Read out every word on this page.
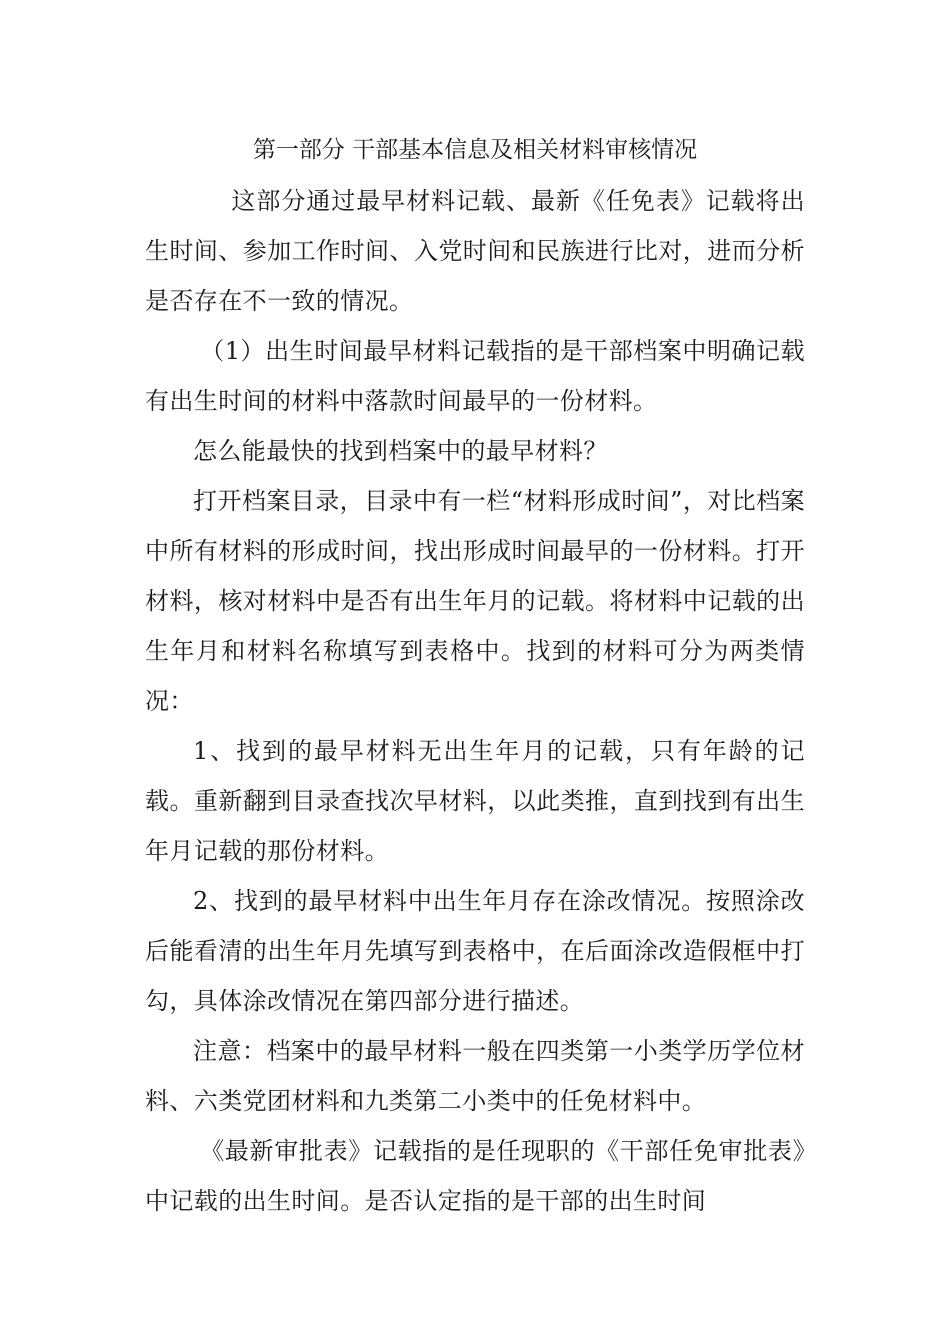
第一部分 干部基本信息及相关材料审核情况

这部分通过最早材料记载、最新《任免表》记载将出生时间、参加工作时间、入党时间和民族进行比对，进而分析是否存在不一致的情况。

（1）出生时间最早材料记载指的是干部档案中明确记载有出生时间的材料中落款时间最早的一份材料。

怎么能最快的找到档案中的最早材料？

打开档案目录，目录中有一栏“材料形成时间”，对比档案中所有材料的形成时间，找出形成时间最早的一份材料。打开材料，核对材料中是否有出生年月的记载。将材料中记载的出生年月和材料名称填写到表格中。找到的材料可分为两类情况：

1、找到的最早材料无出生年月的记载，只有年龄的记载。重新翻到目录查找次早材料，以此类推，直到找到有出生年月记载的那份材料。

2、找到的最早材料中出生年月存在涂改情况。按照涂改后能看清的出生年月先填写到表格中，在后面涂改造假框中打勾，具体涂改情况在第四部分进行描述。

注意：档案中的最早材料一般在四类第一小类学历学位材料、六类党团材料和九类第二小类中的任免材料中。

《最新审批表》记载指的是任现职的《干部任免审批表》中记载的出生时间。是否认定指的是干部的出生时间
